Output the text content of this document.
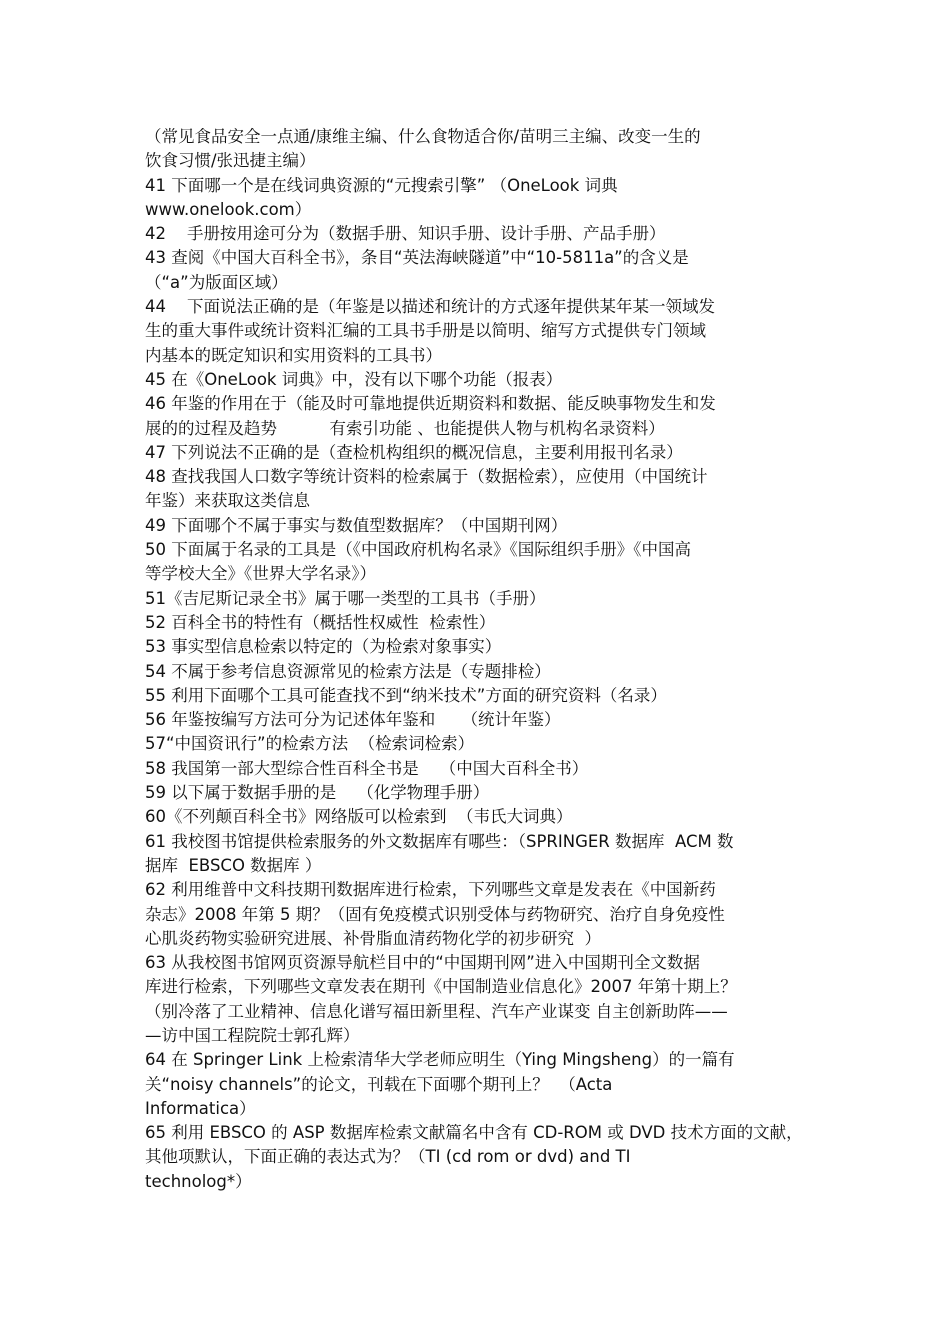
（常见食品安全一点通/康维主编、什么食物适合你/苗明三主编、改变一生的
饮食习惯/张迅捷主编）
41 下面哪一个是在线词典资源的“元搜索引擎” （OneLook 词典
www.onelook.com）
42    手册按用途可分为（数据手册、知识手册、设计手册、产品手册）
43 查阅《中国大百科全书》，条目“英法海峡隧道”中“10-5811a”的含义是
（“a”为版面区域）
44    下面说法正确的是（年鉴是以描述和统计的方式逐年提供某年某一领域发
生的重大事件或统计资料汇编的工具书手册是以简明、缩写方式提供专门领域
内基本的既定知识和实用资料的工具书）
45 在《OneLook 词典》中，没有以下哪个功能（报表）
46 年鉴的作用在于（能及时可靠地提供近期资料和数据、能反映事物发生和发
展的的过程及趋势          有索引功能 、也能提供人物与机构名录资料）
47 下列说法不正确的是（查检机构组织的概况信息，主要利用报刊名录）
48 查找我国人口数字等统计资料的检索属于（数据检索），应使用（中国统计
年鉴）来获取这类信息
49 下面哪个不属于事实与数值型数据库？（中国期刊网）
50 下面属于名录的工具是（《中国政府机构名录》《国际组织手册》《中国高
等学校大全》《世界大学名录》）
51《吉尼斯记录全书》属于哪一类型的工具书（手册）
52 百科全书的特性有（概括性权威性  检索性）
53 事实型信息检索以特定的（为检索对象事实）
54 不属于参考信息资源常见的检索方法是（专题排检）
55 利用下面哪个工具可能查找不到“纳米技术”方面的研究资料（名录）
56 年鉴按编写方法可分为记述体年鉴和     （统计年鉴）
57“中国资讯行”的检索方法  （检索词检索）
58 我国第一部大型综合性百科全书是    （中国大百科全书）
59 以下属于数据手册的是    （化学物理手册）
60《不列颠百科全书》网络版可以检索到  （韦氏大词典）
61 我校图书馆提供检索服务的外文数据库有哪些：（SPRINGER 数据库  ACM 数
据库  EBSCO 数据库 ）
62 利用维普中文科技期刊数据库进行检索，下列哪些文章是发表在《中国新药
杂志》2008 年第 5 期？（固有免疫模式识别受体与药物研究、治疗自身免疫性
心肌炎药物实验研究进展、补骨脂血清药物化学的初步研究  ）
63 从我校图书馆网页资源导航栏目中的“中国期刊网”进入中国期刊全文数据
库进行检索，下列哪些文章发表在期刊《中国制造业信息化》2007 年第十期上？
（别冷落了工业精神、信息化谱写福田新里程、汽车产业谋变 自主创新助阵——
—访中国工程院院士郭孔辉）
64 在 Springer Link 上检索清华大学老师应明生（Ying Mingsheng）的一篇有
关“noisy channels”的论文，刊载在下面哪个期刊上？  （Acta
Informatica）
65 利用 EBSCO 的 ASP 数据库检索文献篇名中含有 CD-ROM 或 DVD 技术方面的文献，
其他项默认，下面正确的表达式为？（TI (cd rom or dvd) and TI
technolog*）
